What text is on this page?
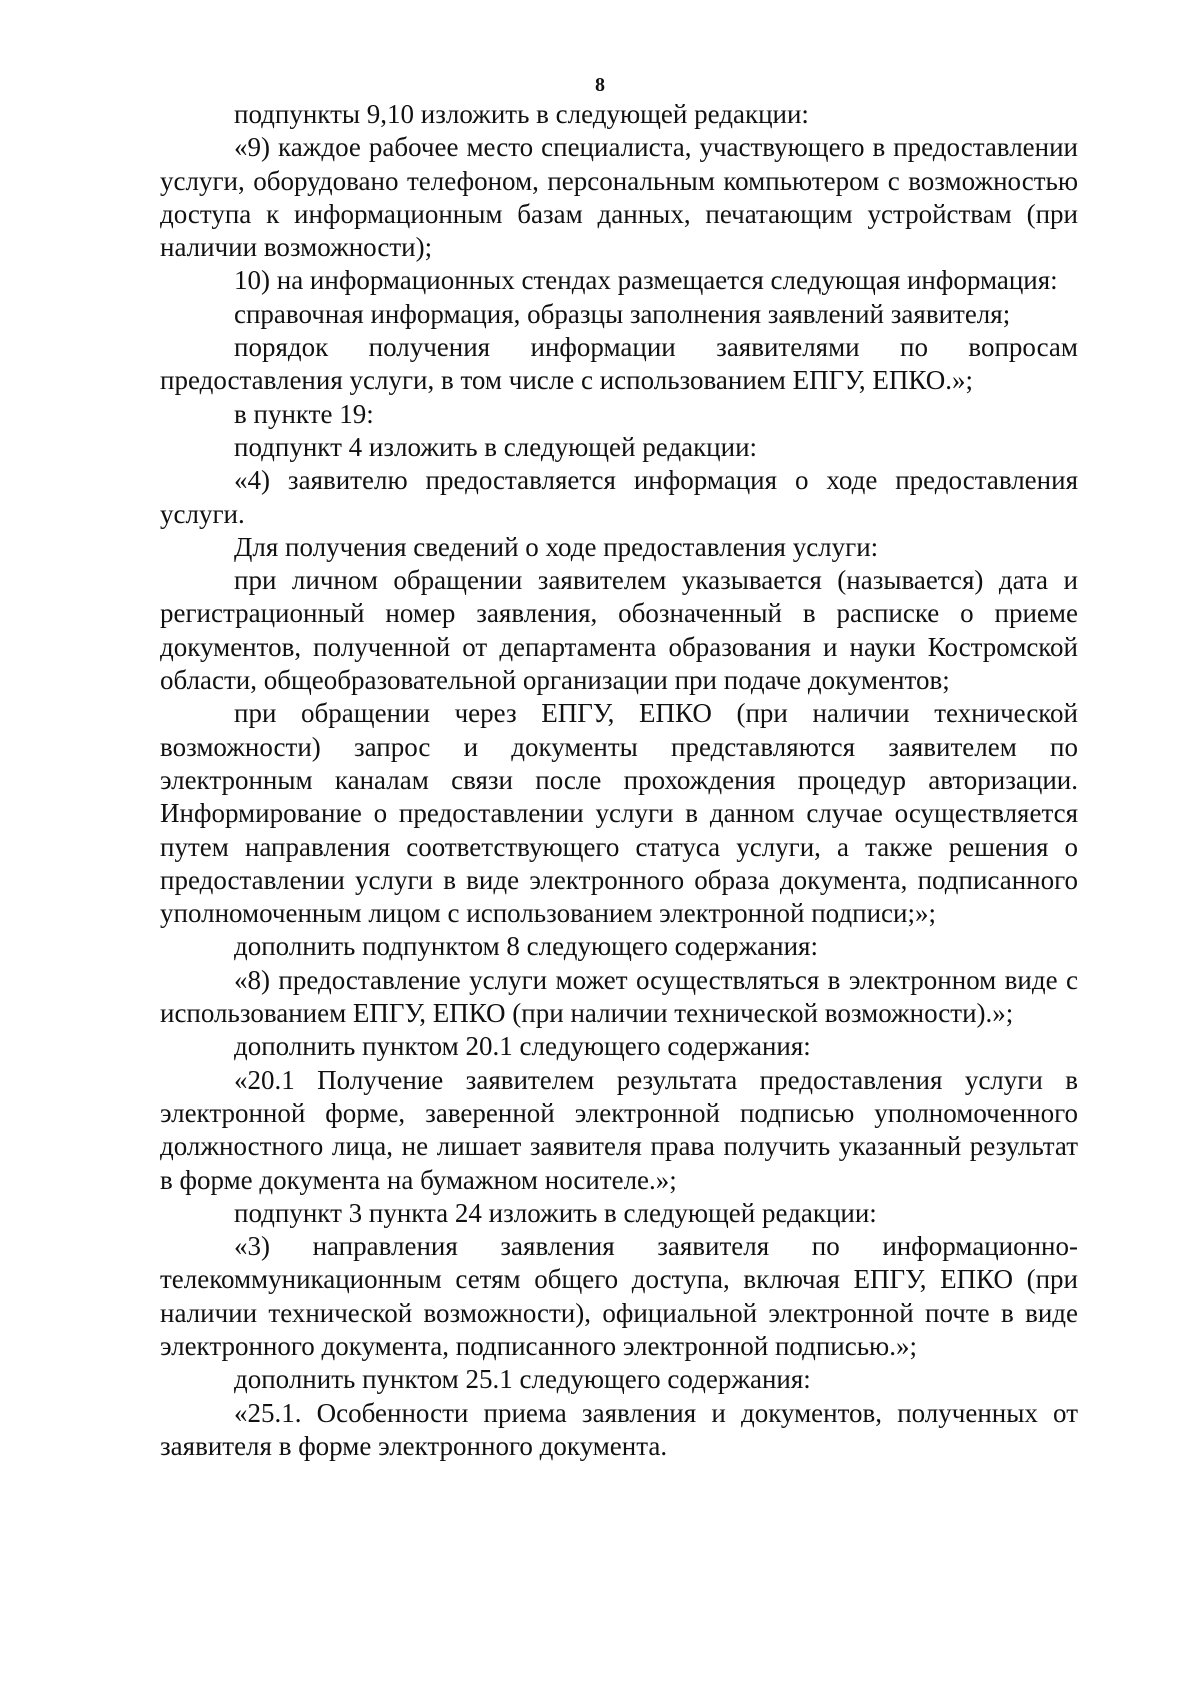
8

подпункты 9,10 изложить в следующей редакции:

«9) каждое рабочее место специалиста, участвующего в предоставлении услуги, оборудовано телефоном, персональным компьютером с возможностью доступа к информационным базам данных, печатающим устройствам (при наличии возможности);

10) на информационных стендах размещается следующая информация:

справочная информация, образцы заполнения заявлений заявителя;

порядок получения информации заявителями по вопросам предоставления услуги, в том числе с использованием ЕПГУ, ЕПКО.»;

в пункте 19:

подпункт 4 изложить в следующей редакции:

«4) заявителю предоставляется информация о ходе предоставления услуги.

Для получения сведений о ходе предоставления услуги:

при личном обращении заявителем указывается (называется) дата и регистрационный номер заявления, обозначенный в расписке о приеме документов, полученной от департамента образования и науки Костромской области, общеобразовательной организации при подаче документов;

при обращении через ЕПГУ, ЕПКО (при наличии технической возможности) запрос и документы представляются заявителем по электронным каналам связи после прохождения процедур авторизации. Информирование о предоставлении услуги в данном случае осуществляется путем направления соответствующего статуса услуги, а также решения о предоставлении услуги в виде электронного образа документа, подписанного уполномоченным лицом с использованием электронной подписи;»;

дополнить подпунктом 8 следующего содержания:

«8) предоставление услуги может осуществляться в электронном виде с использованием ЕПГУ, ЕПКО (при наличии технической возможности).»;

дополнить пунктом 20.1 следующего содержания:

«20.1 Получение заявителем результата предоставления услуги в электронной форме, заверенной электронной подписью уполномоченного должностного лица, не лишает заявителя права получить указанный результат в форме документа на бумажном носителе.»;

подпункт 3 пункта 24 изложить в следующей редакции:

«3) направления заявления заявителя по информационно-телекоммуникационным сетям общего доступа, включая ЕПГУ, ЕПКО (при наличии технической возможности), официальной электронной почте в виде электронного документа, подписанного электронной подписью.»;

дополнить пунктом 25.1 следующего содержания:

«25.1. Особенности приема заявления и документов, полученных от заявителя в форме электронного документа.
